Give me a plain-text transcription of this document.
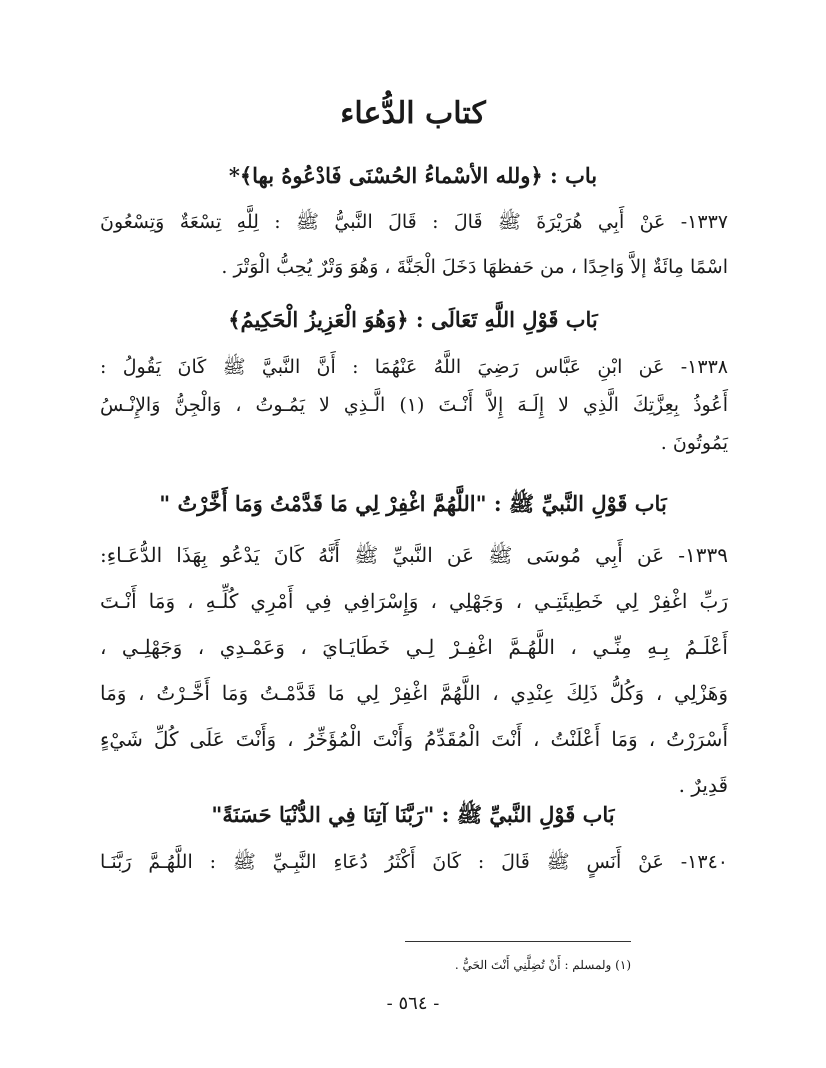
كتاب الدُّعاء
باب : ﴿ولله الأسْماءُ الحُسْنَى فَادْعُوهُ بها﴾*
١٣٣٧- عَنْ أَبِي هُرَيْرَةَ ﷺ قَالَ : قَالَ النَّبيُّ ﷺ : لِلَّهِ تِسْعَةٌ وَتِسْعُونَ
اسْمًا مِائَةٌ إلاَّ وَاحِدًا ، من حَفظهَا دَخَلَ الْجَنَّةَ ، وَهُوَ وَتْرٌ يُحِبُّ الْوَتْرَ .
بَاب قَوْلِ اللَّهِ تَعَالَى : ﴿وَهُوَ الْعَزِيزُ الْحَكِيمُ﴾
١٣٣٨- عَن ابْنِ عَبَّاس رَضِيَ اللَّهُ عَنْهُمَا : أَنَّ النَّبيَّ ﷺ كَانَ يَقُولُ :
أَعُوذُ بِعِزَّتِكَ الَّذِي لا إِلَـهَ إِلاَّ أَنْـتَ (١) الَّـذِي لا يَمُـوتُ ، وَالْجِنُّ وَالإِنْـسُ
يَمُوتُونَ .
بَاب قَوْلِ النَّبيِّ ﷺ : "اللَّهُمَّ اغْفِرْ لِي مَا قَدَّمْتُ وَمَا أَخَّرْتُ "
١٣٣٩- عَن أَبِي مُوسَى ﷺ عَن النَّبيِّ ﷺ أَنَّهُ كَانَ يَدْعُو بِهَذَا الدُّعَـاءِ:
رَبِّ اغْفِرْ لِي خَطِيئَتِـي ، وَجَهْلِي ، وَإِسْرَافِي فِي أَمْرِي كُلِّـهِ ، وَمَا أَنْـتَ
أَعْلَـمُ بِـهِ مِنِّـي ، اللَّهُـمَّ اغْفِـرْ لِـي خَطَايَـايَ ، وَعَمْـدِي ، وَجَهْلِـي ،
وَهَزْلِي ، وَكُلُّ ذَلِكَ عِنْدِي ، اللَّهُمَّ اغْفِرْ لِي مَا قَدَّمْـتُ وَمَا أَخَّـرْتُ ، وَمَا
أَسْرَرْتُ ، وَمَا أَعْلَنْتُ ، أَنْتَ الْمُقَدِّمُ وَأَنْتَ الْمُؤَخِّرُ ، وَأَنْتَ عَلَى كُلِّ شَيْءٍ
قَدِيرٌ .
بَاب قَوْلِ النَّبيِّ ﷺ : "رَبَّنَا آتِنَا فِي الدُّنْيَا حَسَنَةً"
١٣٤٠- عَنْ أَنَسٍ ﷺ قَالَ : كَانَ أَكْثَرُ دُعَاءِ النَّبِـيِّ ﷺ : اللَّهُـمَّ رَبَّنَـا
(١) ولمسلم : أَنْ تُضِلَّنِي أَنْتَ الحَيُّ .
- ٥٦٤ -
